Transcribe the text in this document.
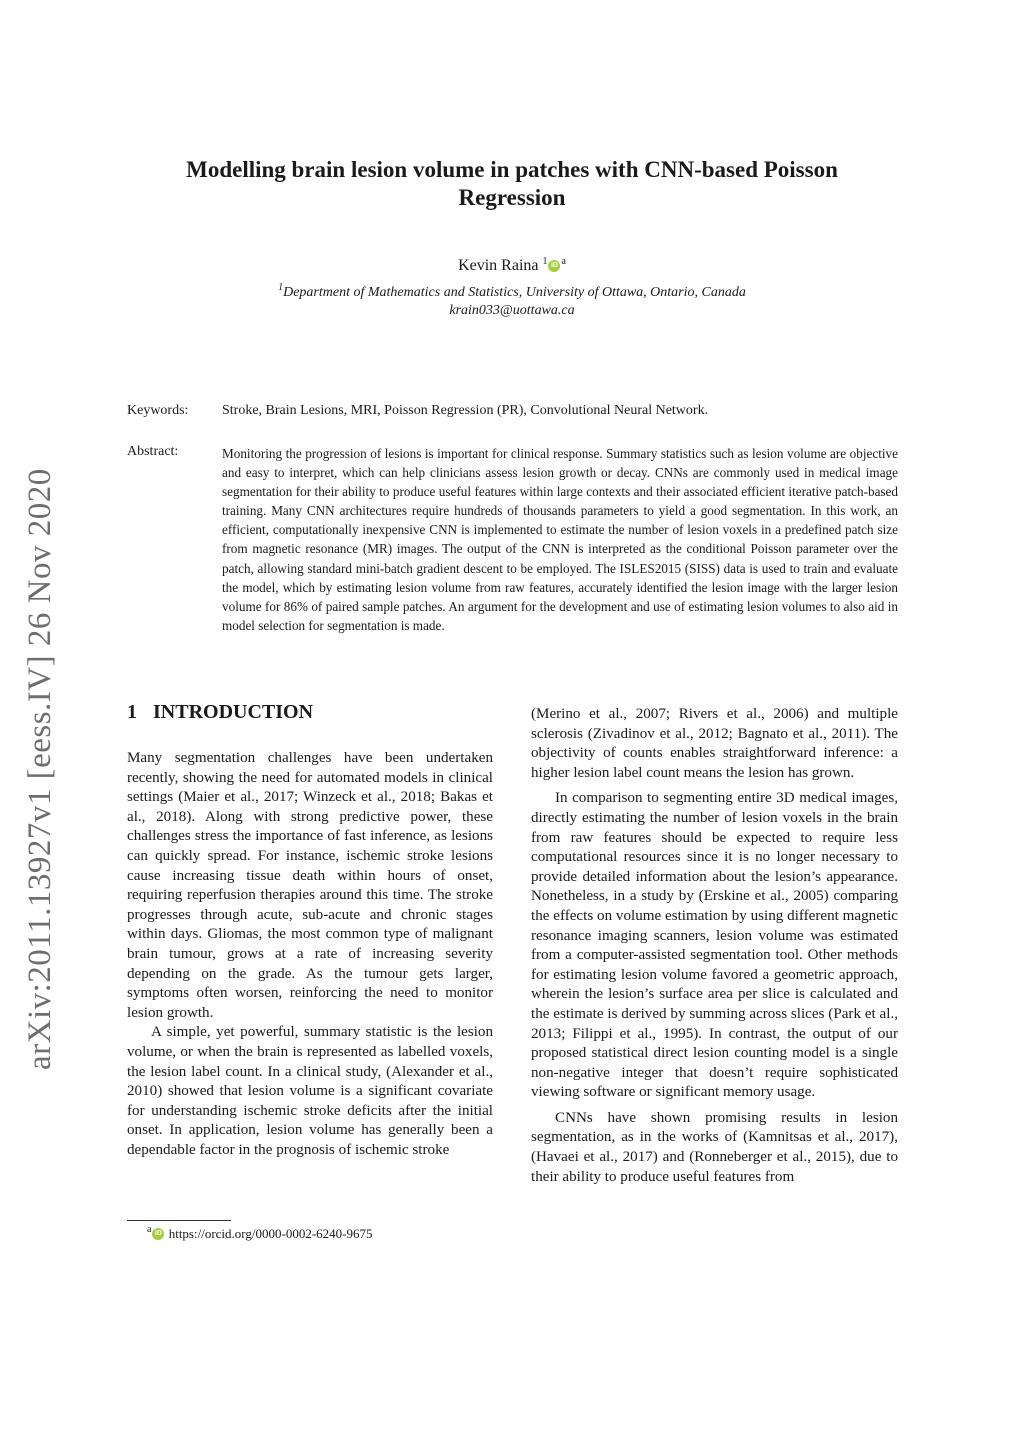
arXiv:2011.13927v1 [eess.IV] 26 Nov 2020
Modelling brain lesion volume in patches with CNN-based Poisson Regression
Kevin Raina $^1$ iD $^a$
$^1$Department of Mathematics and Statistics, University of Ottawa, Ontario, Canada
krain033@uottawa.ca
Keywords: Stroke, Brain Lesions, MRI, Poisson Regression (PR), Convolutional Neural Network.
Abstract:	Monitoring the progression of lesions is important for clinical response. Summary statistics such as lesion volume are objective and easy to interpret, which can help clinicians assess lesion growth or decay. CNNs are commonly used in medical image segmentation for their ability to produce useful features within large contexts and their associated efficient iterative patch-based training. Many CNN architectures require hundreds of thousands parameters to yield a good segmentation. In this work, an efficient, computationally inexpensive CNN is implemented to estimate the number of lesion voxels in a predefined patch size from magnetic resonance (MR) images. The output of the CNN is interpreted as the conditional Poisson parameter over the patch, allowing standard mini-batch gradient descent to be employed. The ISLES2015 (SISS) data is used to train and evaluate the model, which by estimating lesion volume from raw features, accurately identified the lesion image with the larger lesion volume for 86% of paired sample patches. An argument for the development and use of estimating lesion volumes to also aid in model selection for segmentation is made.
1 INTRODUCTION

Many segmentation challenges have been undertaken recently, showing the need for automated models in clinical settings (Maier et al., 2017; Winzeck et al., 2018; Bakas et al., 2018). Along with strong predictive power, these challenges stress the importance of fast inference, as lesions can quickly spread. For instance, ischemic stroke lesions cause increasing tissue death within hours of onset, requiring reperfusion therapies around this time. The stroke progresses through acute, sub-acute and chronic stages within days. Gliomas, the most common type of malignant brain tumour, grows at a rate of increasing severity depending on the grade. As the tumour gets larger, symptoms often worsen, reinforcing the need to monitor lesion growth.

A simple, yet powerful, summary statistic is the lesion volume, or when the brain is represented as labelled voxels, the lesion label count. In a clinical study, (Alexander et al., 2010) showed that lesion volume is a significant covariate for understanding ischemic stroke deficits after the initial onset. In application, lesion volume has generally been a dependable factor in the prognosis of ischemic stroke

(Merino et al., 2007; Rivers et al., 2006) and multiple sclerosis (Zivadinov et al., 2012; Bagnato et al., 2011). The objectivity of counts enables straightforward inference: a higher lesion label count means the lesion has grown.

In comparison to segmenting entire 3D medical images, directly estimating the number of lesion voxels in the brain from raw features should be expected to require less computational resources since it is no longer necessary to provide detailed information about the lesion’s appearance. Nonetheless, in a study by (Erskine et al., 2005) comparing the effects on volume estimation by using different magnetic resonance imaging scanners, lesion volume was estimated from a computer-assisted segmentation tool. Other methods for estimating lesion volume favored a geometric approach, wherein the lesion’s surface area per slice is calculated and the estimate is derived by summing across slices (Park et al., 2013; Filippi et al., 1995). In contrast, the output of our proposed statistical direct lesion counting model is a single non-negative integer that doesn’t require sophisticated viewing software or significant memory usage.

CNNs have shown promising results in lesion segmentation, as in the works of (Kamnitsas et al., 2017), (Havaei et al., 2017) and (Ronneberger et al., 2015), due to their ability to produce useful features from

$^a$ iD https://orcid.org/0000-0002-6240-9675
